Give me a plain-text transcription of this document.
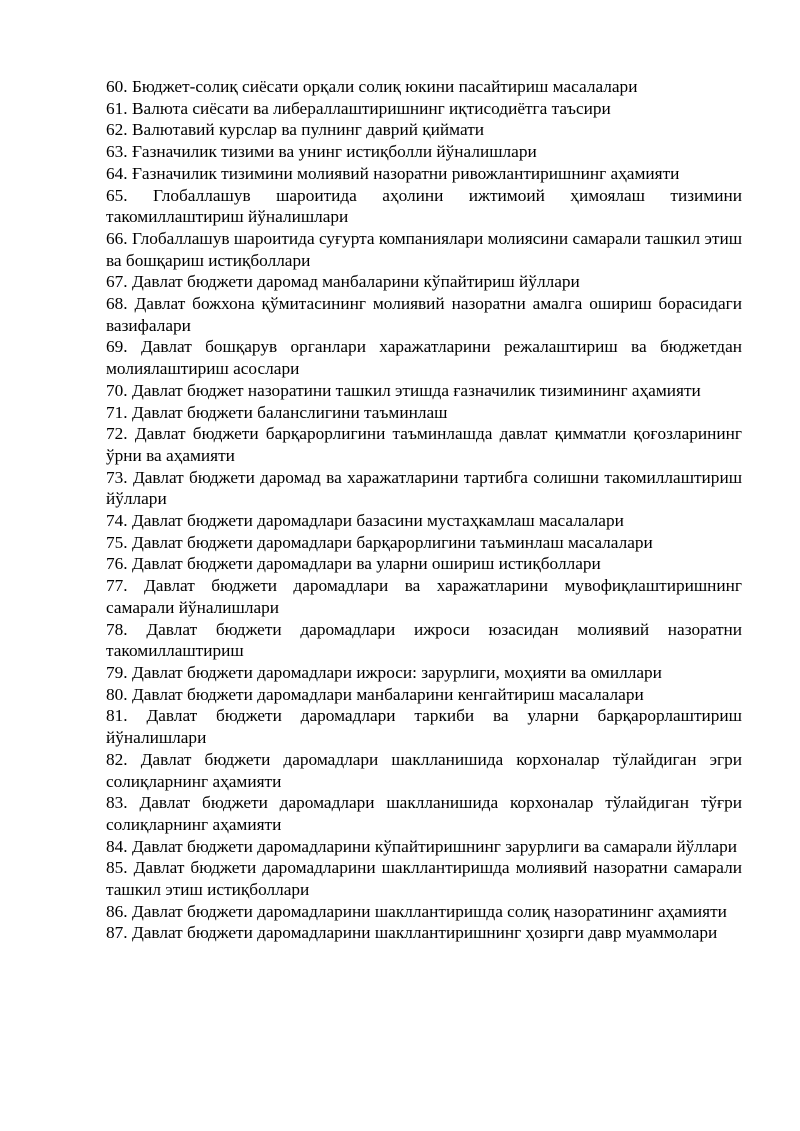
60. Бюджет-солиқ сиёсати орқали солиқ юкини пасайтириш масалалари
61. Валюта сиёсати ва либераллаштиришнинг иқтисодиётга таъсири
62. Валютавий курслар ва пулнинг даврий қиймати
63. Ғазначилик тизими ва унинг истиқболли йўналишлари
64. Ғазначилик тизимини молиявий назоратни ривожлантиришнинг аҳамияти
65. Глобаллашув шароитида аҳолини ижтимоий ҳимоялаш тизимини такомиллаштириш йўналишлари
66. Глобаллашув шароитида суғурта компаниялари молиясини самарали ташкил этиш ва бошқариш истиқболлари
67. Давлат бюджети даромад манбаларини кўпайтириш йўллари
68. Давлат божхона қўмитасининг молиявий назоратни амалга ошириш борасидаги вазифалари
69. Давлат бошқарув органлари харажатларини режалаштириш ва бюджетдан молиялаштириш асослари
70. Давлат бюджет назоратини ташкил этишда ғазначилик тизимининг аҳамияти
71. Давлат бюджети баланслигини таъминлаш
72. Давлат бюджети барқарорлигини таъминлашда давлат қимматли қоғозларининг ўрни ва аҳамияти
73. Давлат бюджети даромад ва харажатларини тартибга солишни такомиллаштириш йўллари
74. Давлат бюджети даромадлари базасини мустаҳкамлаш масалалари
75. Давлат бюджети даромадлари барқарорлигини таъминлаш масалалари
76. Давлат бюджети даромадлари ва уларни ошириш истиқболлари
77. Давлат бюджети даромадлари ва харажатларини мувофиқлаштиришнинг самарали йўналишлари
78. Давлат бюджети даромадлари ижроси юзасидан молиявий назоратни такомиллаштириш
79. Давлат бюджети даромадлари ижроси: зарурлиги, моҳияти ва омиллари
80. Давлат бюджети даромадлари манбаларини кенгайтириш масалалари
81. Давлат бюджети даромадлари таркиби ва уларни барқарорлаштириш йўналишлари
82. Давлат бюджети даромадлари шаклланишида корхоналар тўлайдиган эгри солиқларнинг аҳамияти
83. Давлат бюджети даромадлари шаклланишида корхоналар тўлайдиган тўғри солиқларнинг аҳамияти
84. Давлат бюджети даромадларини кўпайтиришнинг зарурлиги ва самарали йўллари
85. Давлат бюджети даромадларини шакллантиришда молиявий назоратни самарали ташкил этиш истиқболлари
86. Давлат бюджети даромадларини шакллантиришда солиқ назоратининг аҳамияти
87. Давлат бюджети даромадларини шакллантиришнинг ҳозирги давр муаммолари
